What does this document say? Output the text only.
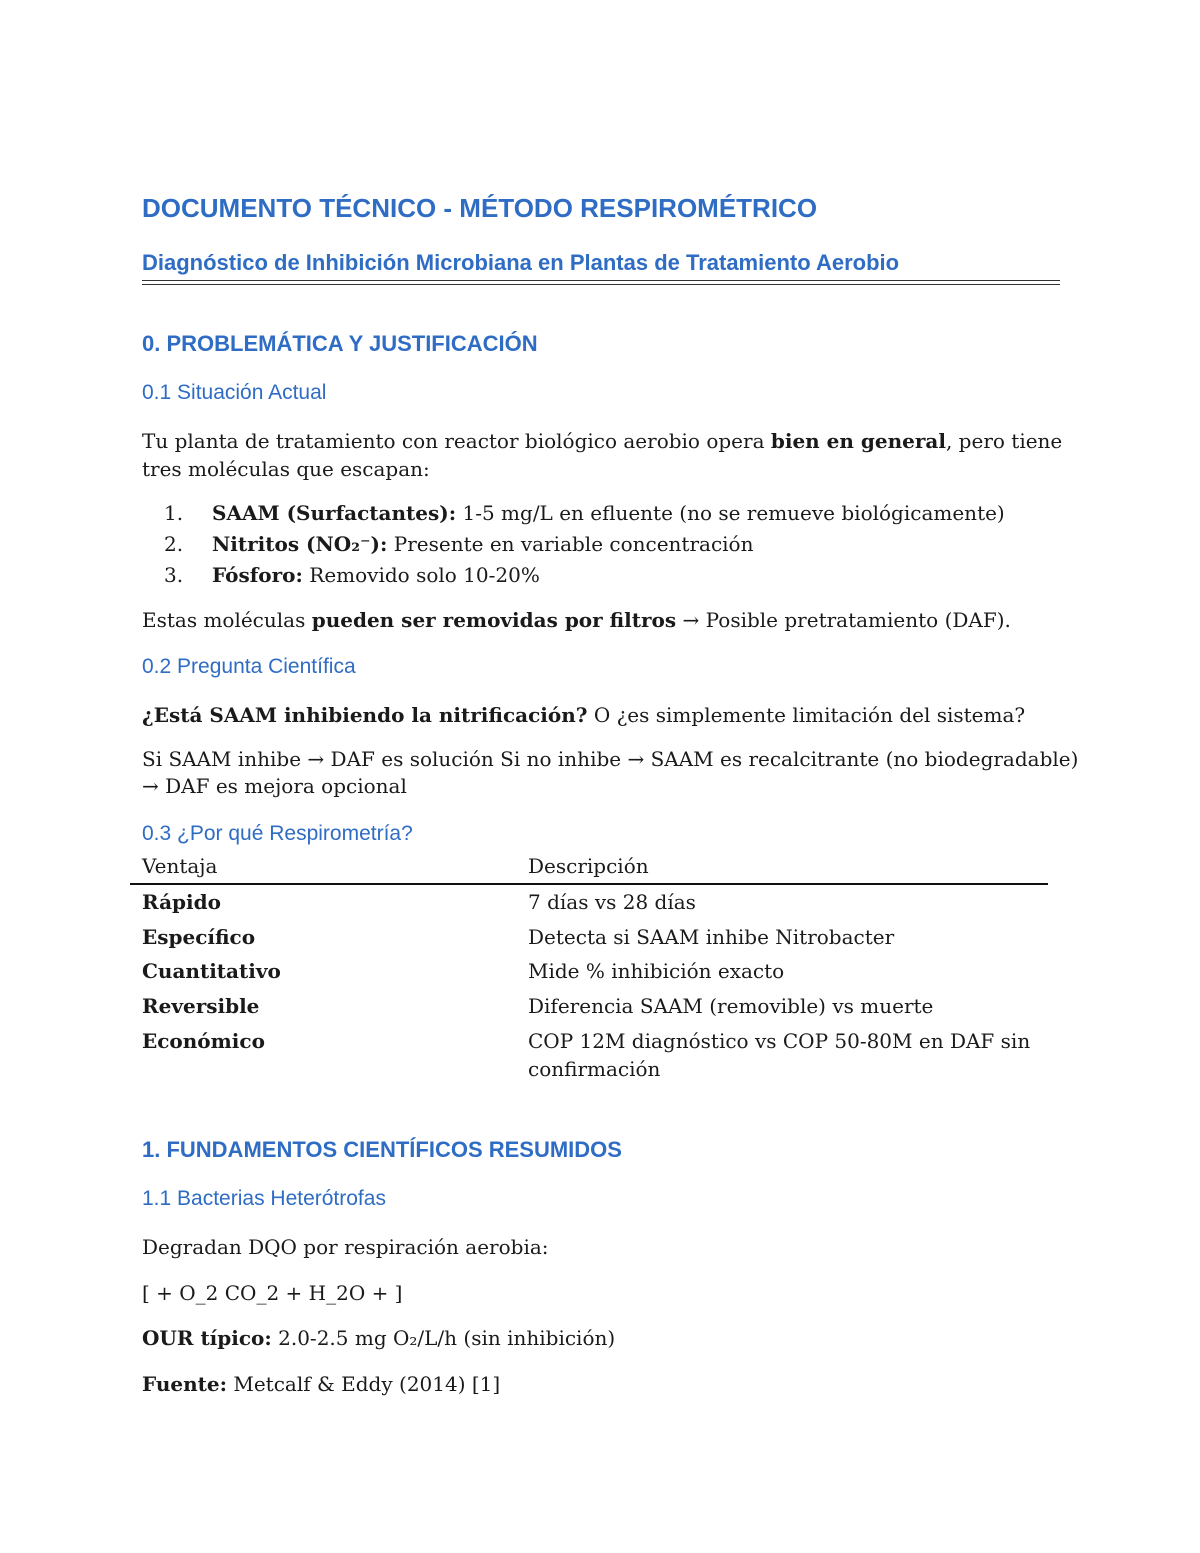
DOCUMENTO TÉCNICO - MÉTODO RESPIROMÉTRICO
Diagnóstico de Inhibición Microbiana en Plantas de Tratamiento Aerobio
0. PROBLEMÁTICA Y JUSTIFICACIÓN
0.1 Situación Actual
Tu planta de tratamiento con reactor biológico aerobio opera bien en general, pero tiene
tres moléculas que escapan:
1. SAAM (Surfactantes): 1-5 mg/L en efluente (no se remueve biológicamente)
2. Nitritos (NO₂⁻): Presente en variable concentración
3. Fósforo: Removido solo 10-20%
Estas moléculas pueden ser removidas por filtros → Posible pretratamiento (DAF).
0.2 Pregunta Científica
¿Está SAAM inhibiendo la nitrificación? O ¿es simplemente limitación del sistema?
Si SAAM inhibe → DAF es solución Si no inhibe → SAAM es recalcitrante (no biodegradable)
→ DAF es mejora opcional
0.3 ¿Por qué Respirometría?
Ventaja	Descripción
Rápido	7 días vs 28 días
Específico	Detecta si SAAM inhibe Nitrobacter
Cuantitativo	Mide % inhibición exacto
Reversible	Diferencia SAAM (removible) vs muerte
Económico	COP 12M diagnóstico vs COP 50-80M en DAF sin
confirmación
1. FUNDAMENTOS CIENTÍFICOS RESUMIDOS
1.1 Bacterias Heterótrofas
Degradan DQO por respiración aerobia:
[ + O_2 CO_2 + H_2O + ]
OUR típico: 2.0-2.5 mg O₂/L/h (sin inhibición)
Fuente: Metcalf & Eddy (2014) [1]
